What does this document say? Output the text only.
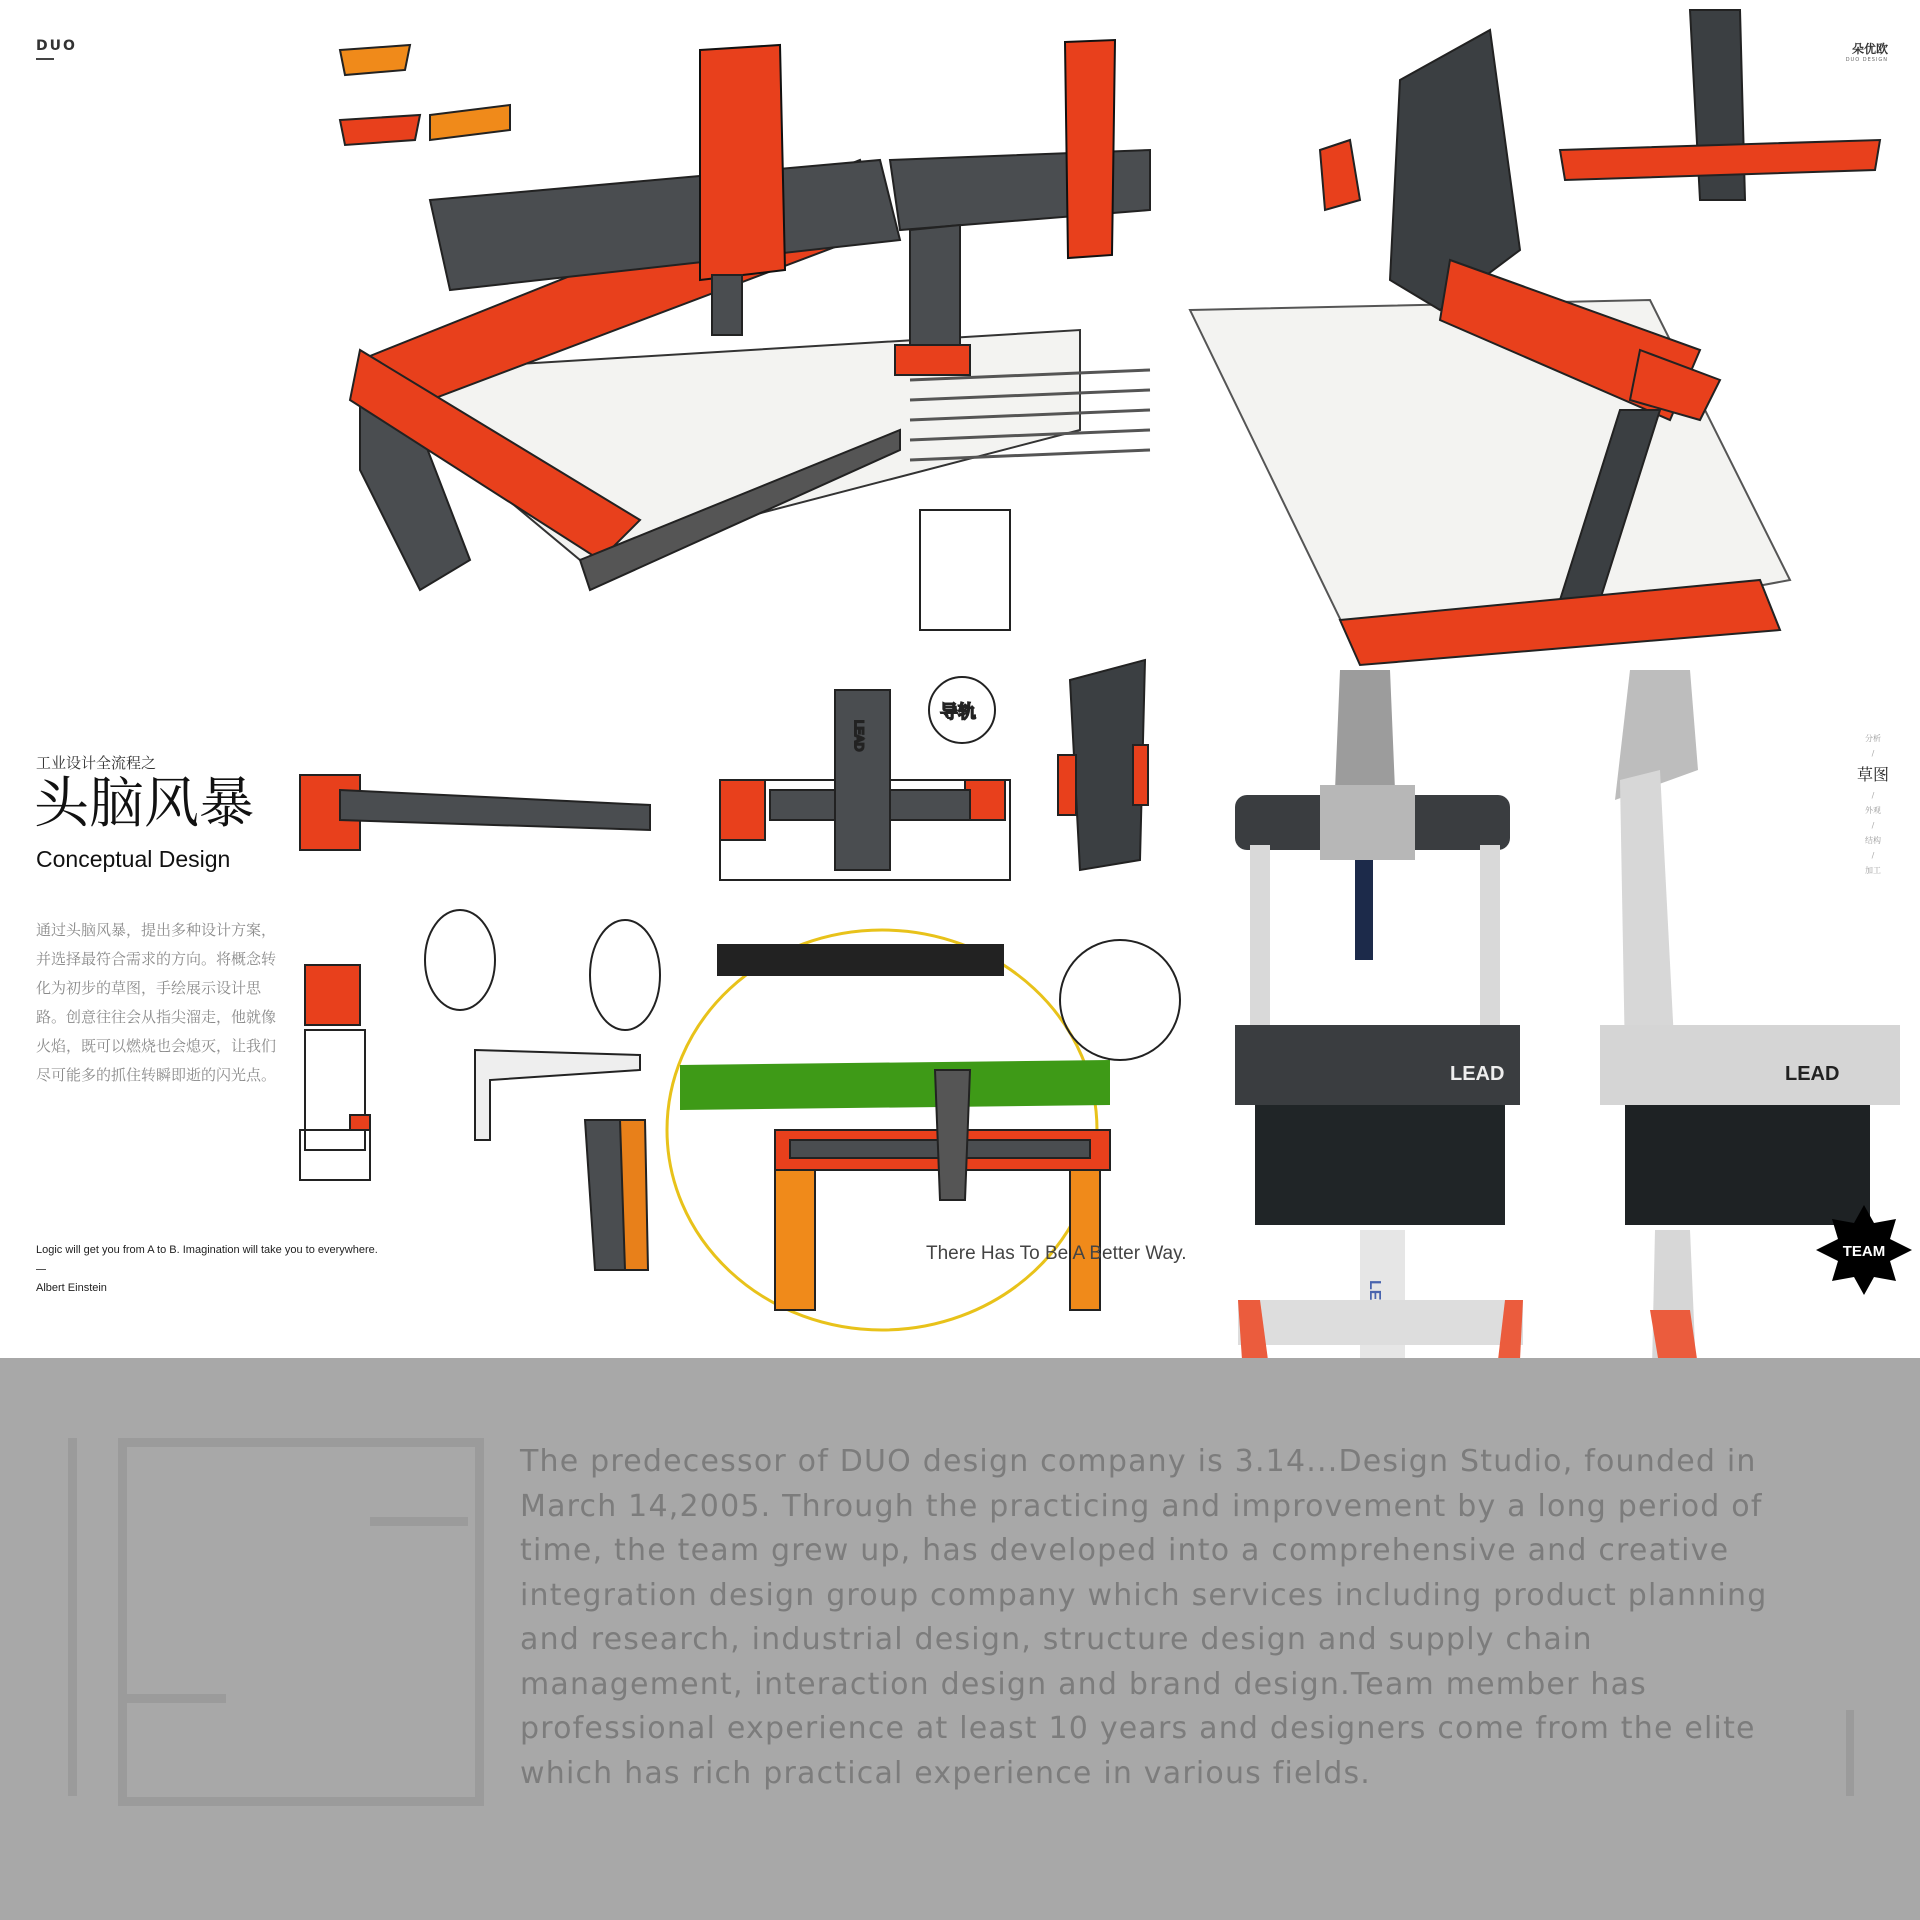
DUO	朵优欧
DUO DESIGN
LEAD
导轨
LEAD	LEAD
The predecessor of DUO design company is 3.14...Design Studio, founded in March 14,2005. Through the practicing and improvement by a long period of time, the team grew up, has developed into a comprehensive and creative integration design group company which services including product planning and research, industrial design, structure design and supply chain management, interaction design and brand design.Team member has professional experience at least 10 years and designers come from the elite which has rich practical experience in various fields.
工业设计全流程之
头脑风暴
Conceptual Design
通过头脑风暴，提出多种设计方案，并选择最符合需求的方向。将概念转化为初步的草图，手绘展示设计思路。创意往往会从指尖溜走，他就像火焰，既可以燃烧也会熄灭，让我们尽可能多的抓住转瞬即逝的闪光点。
Logic will get you from A to B. Imagination will take you to everywhere.
Albert Einstein
分析
/
草图
/
外观
/
结构
/
加工
There Has To Be A Better Way.	TEAM
